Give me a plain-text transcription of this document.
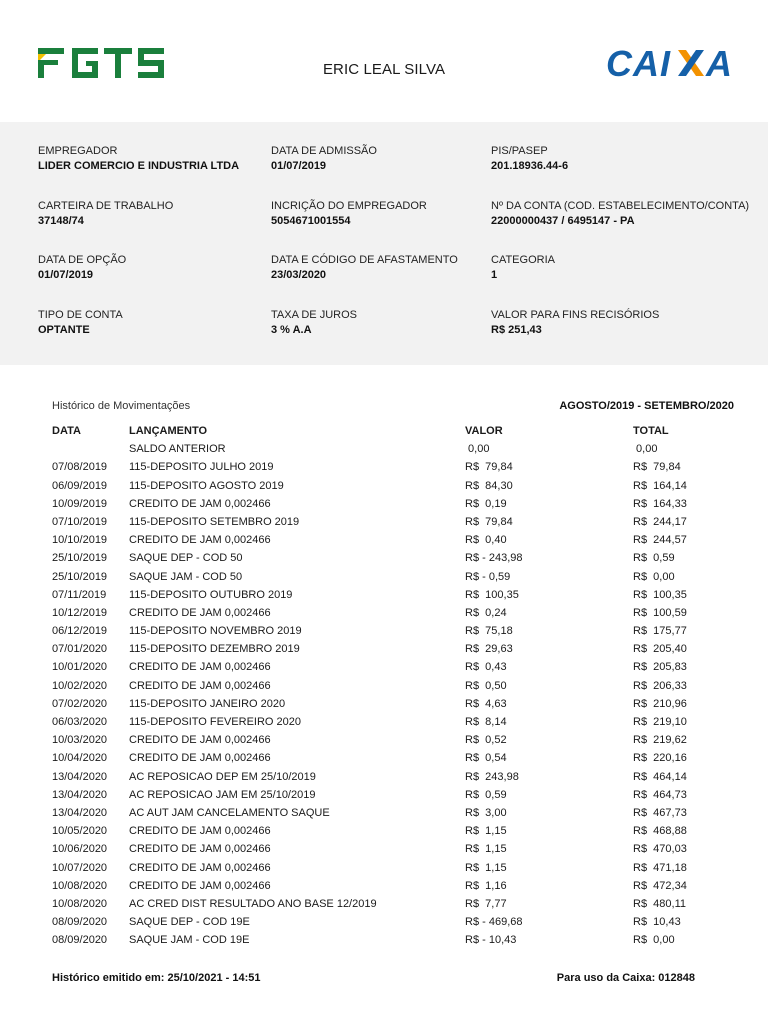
ERIC LEAL SILVA	CAI A
EMPREGADOR
LIDER COMERCIO E INDUSTRIA LTDA
DATA DE ADMISSÃO
01/07/2019
PIS/PASEP
201.18936.44-6
CARTEIRA DE TRABALHO
37148/74
INCRIÇÃO DO EMPREGADOR
5054671001554
Nº DA CONTA (COD. ESTABELECIMENTO/CONTA)
22000000437 / 6495147 - PA
DATA DE OPÇÃO
01/07/2019
DATA E CÓDIGO DE AFASTAMENTO
23/03/2020
CATEGORIA
1
TIPO DE CONTA
OPTANTE
TAXA DE JUROS
3 % A.A
VALOR PARA FINS RECISÓRIOS
R$ 251,43
Histórico de Movimentações	AGOSTO/2019 - SETEMBRO/2020
DATA	LANÇAMENTO	VALOR	TOTAL
SALDO ANTERIOR	0,00	0,00
07/08/2019 115-DEPOSITO JULHO 2019	R$  79,84	R$  79,84
06/09/2019 115-DEPOSITO AGOSTO 2019	R$  84,30	R$  164,14
10/09/2019 CREDITO DE JAM 0,002466	R$  0,19	R$  164,33
07/10/2019 115-DEPOSITO SETEMBRO 2019	R$  79,84	R$  244,17
10/10/2019 CREDITO DE JAM 0,002466	R$  0,40	R$  244,57
25/10/2019 SAQUE DEP - COD 50	R$ - 243,98	R$  0,59
25/10/2019 SAQUE JAM - COD 50	R$ - 0,59	R$  0,00
07/11/2019 115-DEPOSITO OUTUBRO 2019	R$  100,35	R$  100,35
10/12/2019 CREDITO DE JAM 0,002466	R$  0,24	R$  100,59
06/12/2019 115-DEPOSITO NOVEMBRO 2019	R$  75,18	R$  175,77
07/01/2020 115-DEPOSITO DEZEMBRO 2019	R$  29,63	R$  205,40
10/01/2020 CREDITO DE JAM 0,002466	R$  0,43	R$  205,83
10/02/2020 CREDITO DE JAM 0,002466	R$  0,50	R$  206,33
07/02/2020 115-DEPOSITO JANEIRO 2020	R$  4,63	R$  210,96
06/03/2020 115-DEPOSITO FEVEREIRO 2020	R$  8,14	R$  219,10
10/03/2020 CREDITO DE JAM 0,002466	R$  0,52	R$  219,62
10/04/2020 CREDITO DE JAM 0,002466	R$  0,54	R$  220,16
13/04/2020 AC REPOSICAO DEP EM 25/10/2019	R$  243,98	R$  464,14
13/04/2020 AC REPOSICAO JAM EM 25/10/2019	R$  0,59	R$  464,73
13/04/2020 AC AUT JAM CANCELAMENTO SAQUE	R$  3,00	R$  467,73
10/05/2020 CREDITO DE JAM 0,002466	R$  1,15	R$  468,88
10/06/2020 CREDITO DE JAM 0,002466	R$  1,15	R$  470,03
10/07/2020 CREDITO DE JAM 0,002466	R$  1,15	R$  471,18
10/08/2020 CREDITO DE JAM 0,002466	R$  1,16	R$  472,34
10/08/2020 AC CRED DIST RESULTADO ANO BASE 12/2019	R$  7,77	R$  480,11
08/09/2020 SAQUE DEP - COD 19E	R$ - 469,68	R$  10,43
08/09/2020 SAQUE JAM - COD 19E	R$ - 10,43	R$  0,00
Histórico emitido em: 25/10/2021 - 14:51	Para uso da Caixa: 012848
